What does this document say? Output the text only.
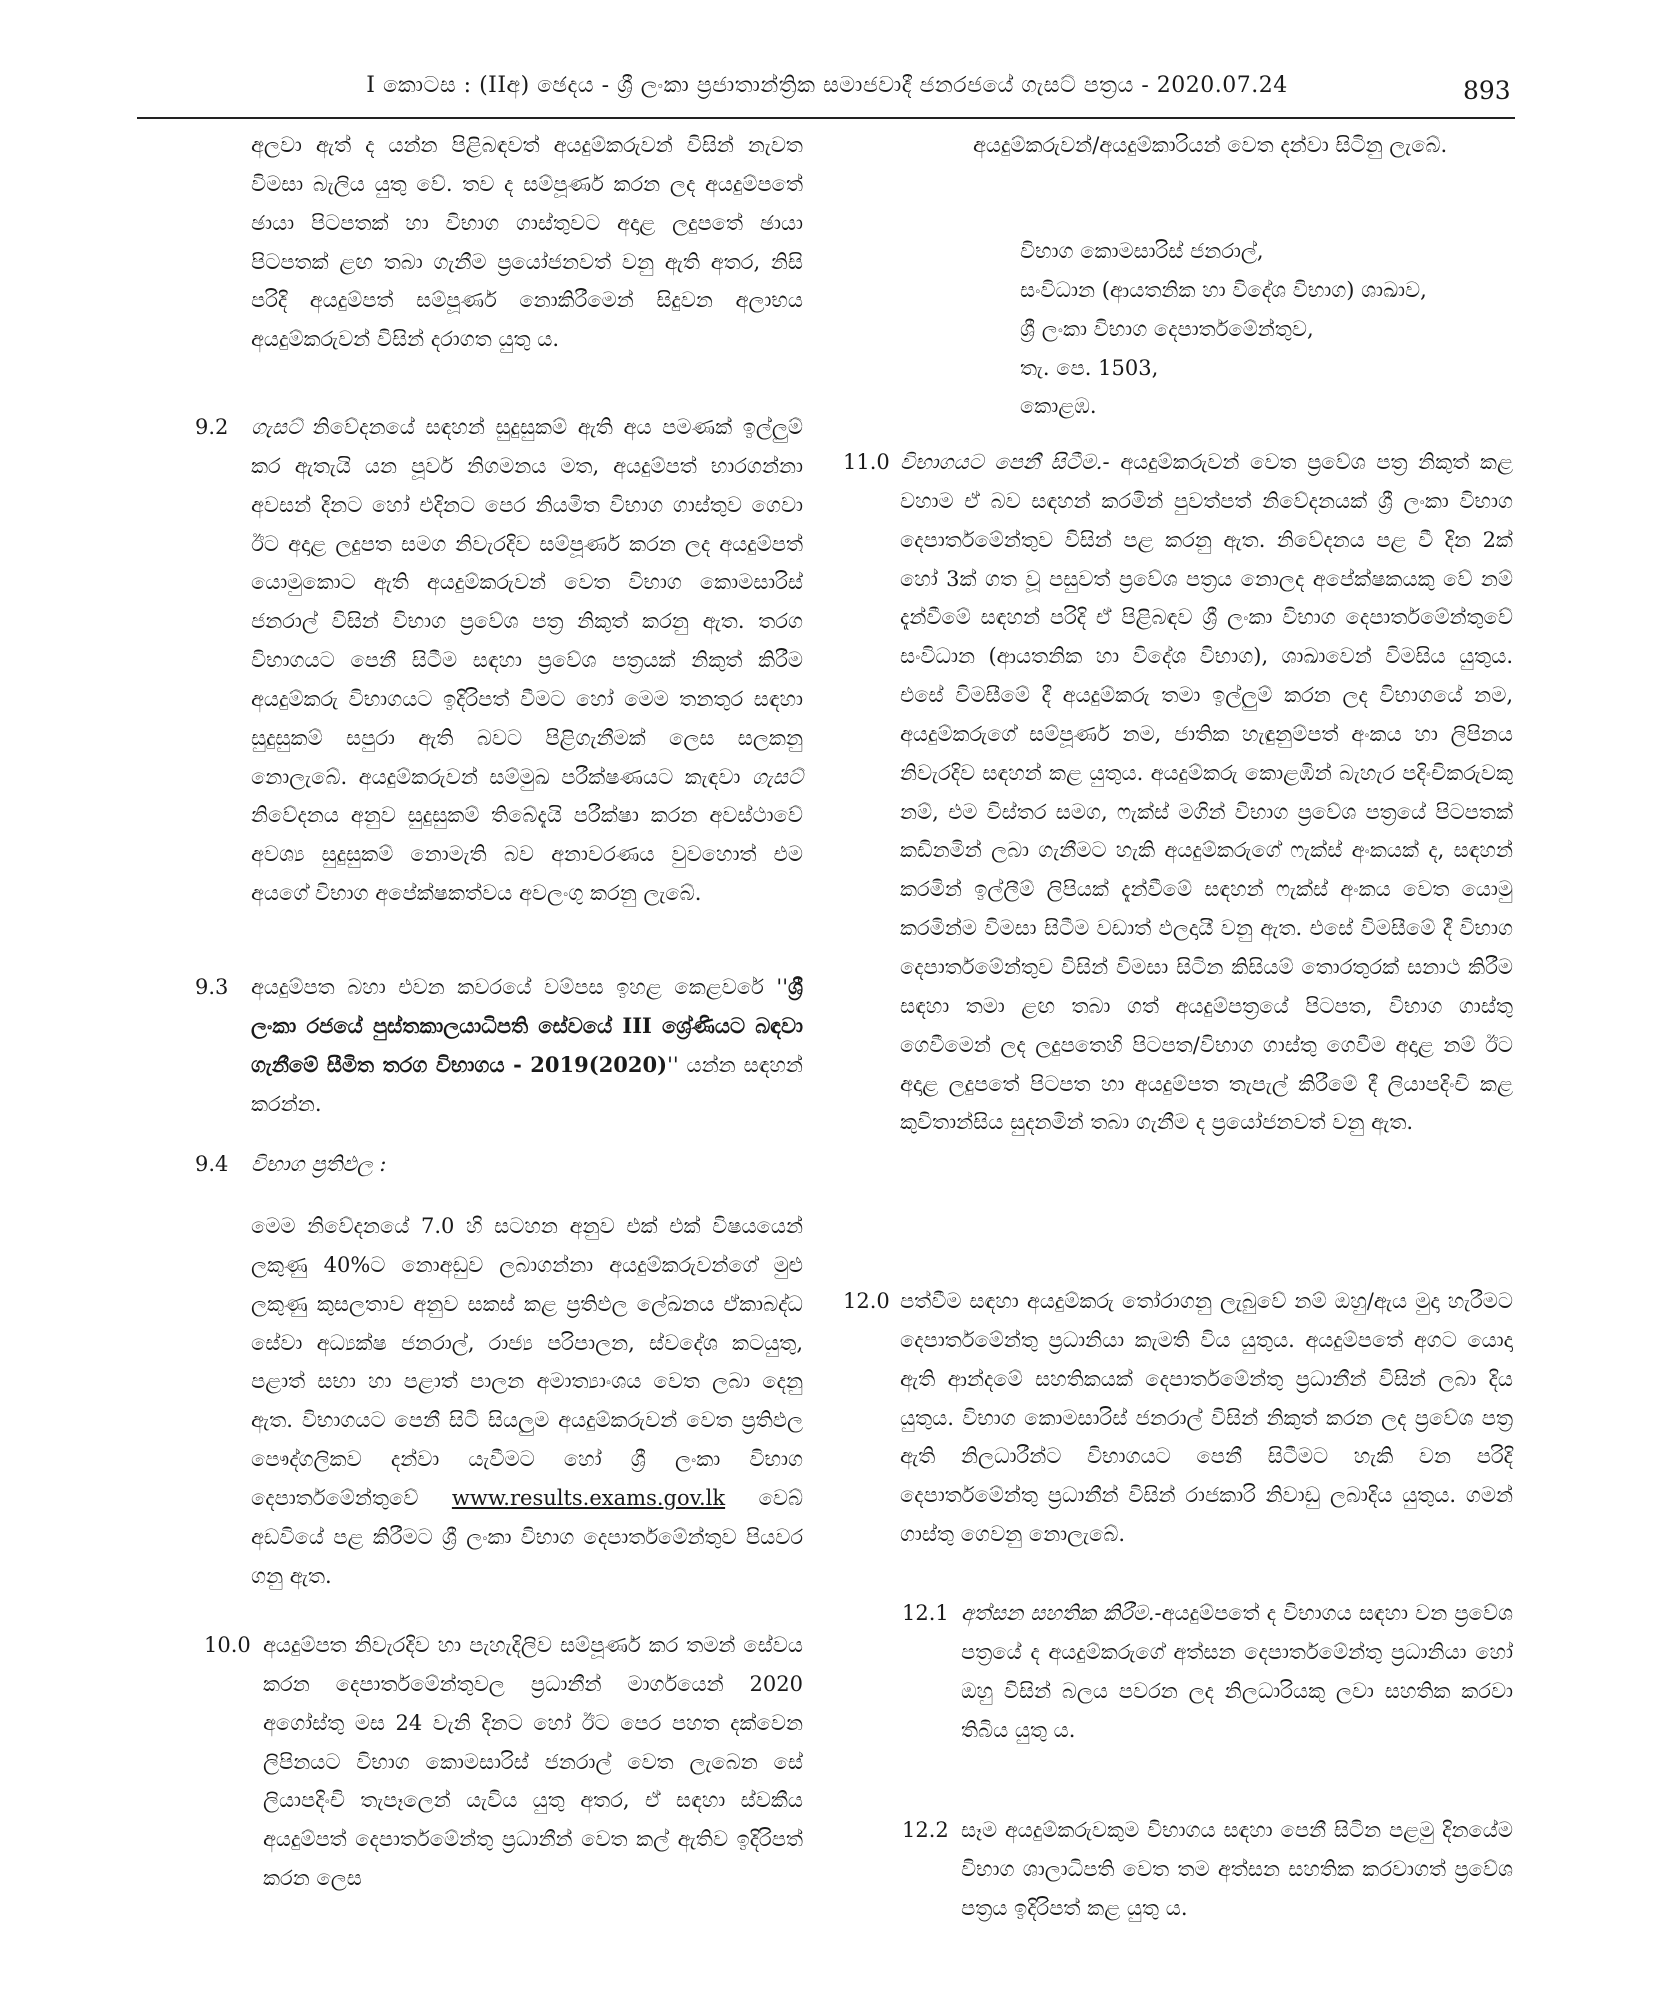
I කොටස : (IIඅ) ඡෙදය - ශ්‍රී ලංකා ප්‍රජාතාන්ත්‍රික සමාජවාදී ජනරජයේ ගැසට් පත්‍රය - 2020.07.24	893

අලවා ඇත් ද යන්න පිළිබඳවත් අයදුම්කරුවන් විසින් නැවත විමසා බැලිය යුතු වේ. තව ද සම්පූර්ණ කරන ලද අයදුම්පතේ ඡායා පිටපතක් හා විභාග ගාස්තුවට අදාළ ලදුපතේ ඡායා පිටපතක් ළඟ තබා ගැනීම ප්‍රයෝජනවත් වනු ඇති අතර, නිසි පරිදි අයදුම්පත් සම්පූර්ණ නොකිරීමෙන් සිදුවන අලාභය අයදුම්කරුවන් විසින් දරාගත යුතු ය.

9.2 ගැසට් නිවේදනයේ සඳහන් සුදුසුකම් ඇති අය පමණක් ඉල්ලුම් කර ඇතැයි යන පූර්ව නිගමනය මත, අයදුම්පත් භාරගන්නා අවසන් දිනට හෝ එදිනට පෙර නියමිත විභාග ගාස්තුව ගෙවා ඊට අදාළ ලදුපත සමග නිවැරදිව සම්පූර්ණ කරන ලද අයදුම්පත් යොමුකොට ඇති අයදුම්කරුවන් වෙත විභාග කොමසාරිස් ජනරාල් විසින් විභාග ප්‍රවේශ පත්‍ර නිකුත් කරනු ඇත. තරග විභාගයට පෙනී සිටීම සඳහා ප්‍රවේශ පත්‍රයක් නිකුත් කිරීම අයදුම්කරු විභාගයට ඉදිරිපත් වීමට හෝ මෙම තනතුර සඳහා සුදුසුකම් සපුරා ඇති බවට පිළිගැනීමක් ලෙස සලකනු නොලැබේ. අයදුම්කරුවන් සම්මුඛ පරීක්ෂණයට කැඳවා ගැසට් නිවේදනය අනුව සුදුසුකම් තිබේදැයි පරීක්ෂා කරන අවස්ථාවේ අවශ්‍ය සුදුසුකම් නොමැති බව අනාවරණය වුවහොත් එම අයගේ විභාග අපේක්ෂකත්වය අවලංගු කරනු ලැබේ.

9.3 අයදුම්පත බහා එවන කවරයේ වම්පස ඉහළ කෙළවරේ ''ශ්‍රී ලංකා රජයේ පුස්තකාලයාධිපති සේවයේ III ශ්‍රේණියට බඳවා ගැනීමේ සීමිත තරග විභාගය - 2019(2020)'' යන්න සඳහන් කරන්න.

9.4 විභාග ප්‍රතිඵල :

මෙම නිවේදනයේ 7.0 හි සටහන අනුව එක් එක් විෂයයෙන් ලකුණු 40%ට නොඅඩුව ලබාගන්නා අයදුම්කරුවන්ගේ මුළු ලකුණු කුසලතාව අනුව සකස් කළ ප්‍රතිඵල ලේඛනය ඒකාබද්ධ සේවා අධ්‍යක්ෂ ජනරාල්, රාජ්‍ය පරිපාලන, ස්වදේශ කටයුතු, පළාත් සභා හා පළාත් පාලන අමාත්‍යාංශය වෙත ලබා දෙනු ඇත. විභාගයට පෙනී සිටි සියලුම අයදුම්කරුවන් වෙත ප්‍රතිඵල පෞද්ගලිකව දන්වා යැවීමට හෝ ශ්‍රී ලංකා විභාග දෙපාර්තමේන්තුවේ www.results.exams.gov.lk වෙබ් අඩවියේ පළ කිරීමට ශ්‍රී ලංකා විභාග දෙපාර්තමේන්තුව පියවර ගනු ඇත.

10.0 අයදුම්පත නිවැරදිව හා පැහැදිලිව සම්පූර්ණ කර තමන් සේවය කරන දෙපාර්තමේන්තුවල ප්‍රධානීන් මාර්ගයෙන් 2020 අගෝස්තු මස 24 වැනි දිනට හෝ ඊට පෙර පහත දක්වෙන ලිපිනයට විභාග කොමසාරිස් ජනරාල් වෙත ලැබෙන සේ ලියාපදිංචි තැපෑලෙන් යැවිය යුතු අතර, ඒ සඳහා ස්වකීය අයදුම්පත් දෙපාර්තමේන්තු ප්‍රධානීන් වෙත කල් ඇතිව ඉදිරිපත් කරන ලෙස

අයදුම්කරුවන්/අයදුම්කාරියන් වෙත දන්වා සිටිනු ලැබේ.

විභාග කොමසාරිස් ජනරාල්,
සංවිධාන (ආයතනික හා විදේශ විභාග) ශාඛාව,
ශ්‍රී ලංකා විභාග දෙපාර්තමේන්තුව,
තැ. පෙ. 1503,
කොළඹ.
11.0 විභාගයට පෙනී සිටීම.- අයදුම්කරුවන් වෙත ප්‍රවේශ පත්‍ර නිකුත් කළ වහාම ඒ බව සඳහන් කරමින් පුවත්පත් නිවේදනයක් ශ්‍රී ලංකා විභාග දෙපාර්තමේන්තුව විසින් පළ කරනු ඇත. නිවේදනය පළ වී දින 2ක් හෝ 3ක් ගත වූ පසුවත් ප්‍රවේශ පත්‍රය නොලද අපේක්ෂකයකු වේ නම් දැන්වීමේ සඳහන් පරිදි ඒ පිළිබඳව ශ්‍රී ලංකා විභාග දෙපාර්තමේන්තුවේ සංවිධාන (ආයතනික හා විදේශ විභාග), ශාඛාවෙන් විමසිය යුතුය. එසේ විමසීමේ දී අයදුම්කරු තමා ඉල්ලුම් කරන ලද විභාගයේ නම, අයදුම්කරුගේ සම්පූර්ණ නම, ජාතික හැඳුනුම්පත් අංකය හා ලිපිනය නිවැරදිව සඳහන් කළ යුතුය. අයදුම්කරු කොළඹින් බැහැර පදිංචිකරුවකු නම්, එම විස්තර සමග, ෆැක්ස් මගින් විභාග ප්‍රවේශ පත්‍රයේ පිටපතක් කඩිනමින් ලබා ගැනීමට හැකි අයදුම්කරුගේ ෆැක්ස් අංකයක් ද, සඳහන් කරමින් ඉල්ලීම් ලිපියක් දැන්වීමේ සඳහන් ෆැක්ස් අංකය වෙත යොමු කරමින්ම විමසා සිටීම වඩාත් ඵලදායී වනු ඇත. එසේ විමසීමේ දී විභාග දෙපාර්තමේන්තුව විසින් විමසා සිටින කිසියම් තොරතුරක් සනාථ කිරීම සඳහා තමා ළඟ තබා ගත් අයදුම්පත්‍රයේ පිටපත, විභාග ගාස්තු ගෙවීමෙන් ලද ලදුපතෙහි පිටපත/විභාග ගාස්තු ගෙවීම අදාළ නම් ඊට අදාළ ලදුපතේ පිටපත හා අයදුම්පත තැපැල් කිරීමේ දී ලියාපදිංචි කළ කුවිතාන්සිය සුදනමින් තබා ගැනීම ද ප්‍රයෝජනවත් වනු ඇත.

12.0 පත්වීම සඳහා අයදුම්කරු තෝරාගනු ලැබුවේ නම් ඔහු/ඇය මුදා හැරීමට දෙපාර්තමේන්තු ප්‍රධානියා කැමති විය යුතුය. අයදුම්පතේ අගට යොදා ඇති ආන්දමේ සහතිකයක් දෙපාර්තමේන්තු ප්‍රධානීන් විසින් ලබා දිය යුතුය. විභාග කොමසාරිස් ජනරාල් විසින් නිකුත් කරන ලද ප්‍රවේශ පත්‍ර ඇති නිලධාරීන්ට විභාගයට පෙනී සිටීමට හැකි වන පරිදි දෙපාර්තමේන්තු ප්‍රධානීන් විසින් රාජකාරි නිවාඩු ලබාදිය යුතුය. ගමන් ගාස්තු ගෙවනු නොලැබේ.

12.1 අත්සන සහතික කිරීම.-අයදුම්පතේ ද විභාගය සඳහා වන ප්‍රවේශ පත්‍රයේ ද අයදුම්කරුගේ අත්සන දෙපාර්තමේන්තු ප්‍රධානියා හෝ ඔහු විසින් බලය පවරන ලද නිලධාරියකු ලවා සහතික කරවා තිබිය යුතු ය.

12.2 සෑම අයදුම්කරුවකුම විභාගය සඳහා පෙනී සිටින පළමු දිනයේම විභාග ශාලාධිපති වෙත තම අත්සන සහතික කරවාගත් ප්‍රවේශ පත්‍රය ඉදිරිපත් කළ යුතු ය.
